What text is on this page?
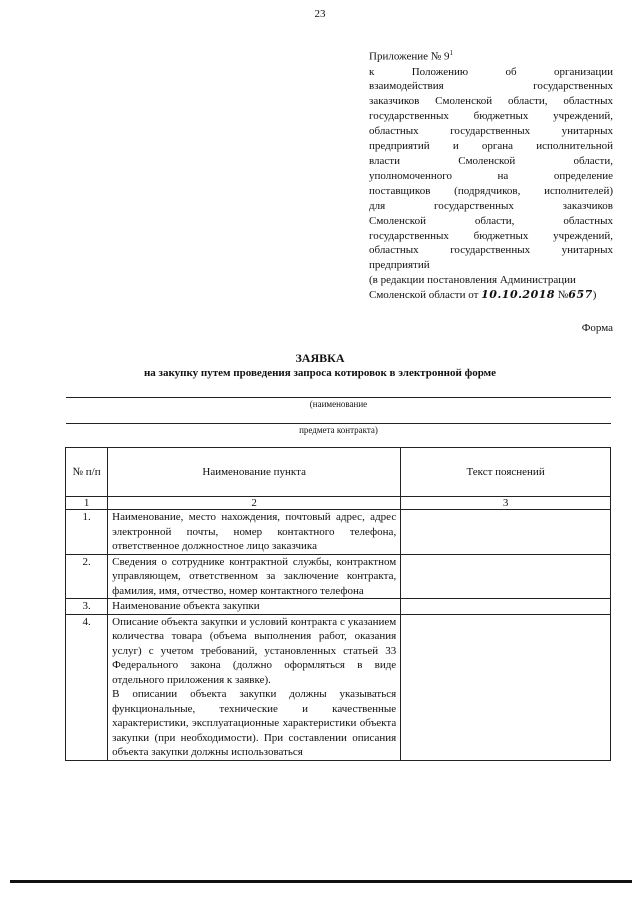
23
Приложение № $9^1$
к Положению об организации
взаимодействия государственных
заказчиков Смоленской области, областных
государственных бюджетных учреждений,
областных государственных унитарных
предприятий и органа исполнительной
власти Смоленской области,
уполномоченного на определение
поставщиков (подрядчиков, исполнителей)
для государственных заказчиков
Смоленской области, областных
государственных бюджетных учреждений,
областных государственных унитарных
предприятий
(в редакции постановления Администрации
Смоленской области от 10.10.2018 №657)
Форма
ЗАЯВКА
на закупку путем проведения запроса котировок в электронной форме
(наименование
предмета контракта)
№ п/п	Наименование пункта	Текст пояснений
1	2	3
1.	Наименование, место нахождения, почтовый адрес, адрес электронной почты, номер контактного телефона, ответственное должностное лицо заказчика	
2.	Сведения о сотруднике контрактной службы, контрактном управляющем, ответственном за заключение контракта, фамилия, имя, отчество, номер контактного телефона	
3.	Наименование объекта закупки	
4.	Описание объекта закупки и условий контракта с указанием количества товара (объема выполнения работ, оказания услуг) с учетом требований, установленных статьей 33 Федерального закона (должно оформляться в виде отдельного приложения к заявке).
В описании объекта закупки должны указываться функциональные, технические и качественные характеристики, эксплуатационные характеристики объекта закупки (при необходимости). При составлении описания объекта закупки должны использоваться	
